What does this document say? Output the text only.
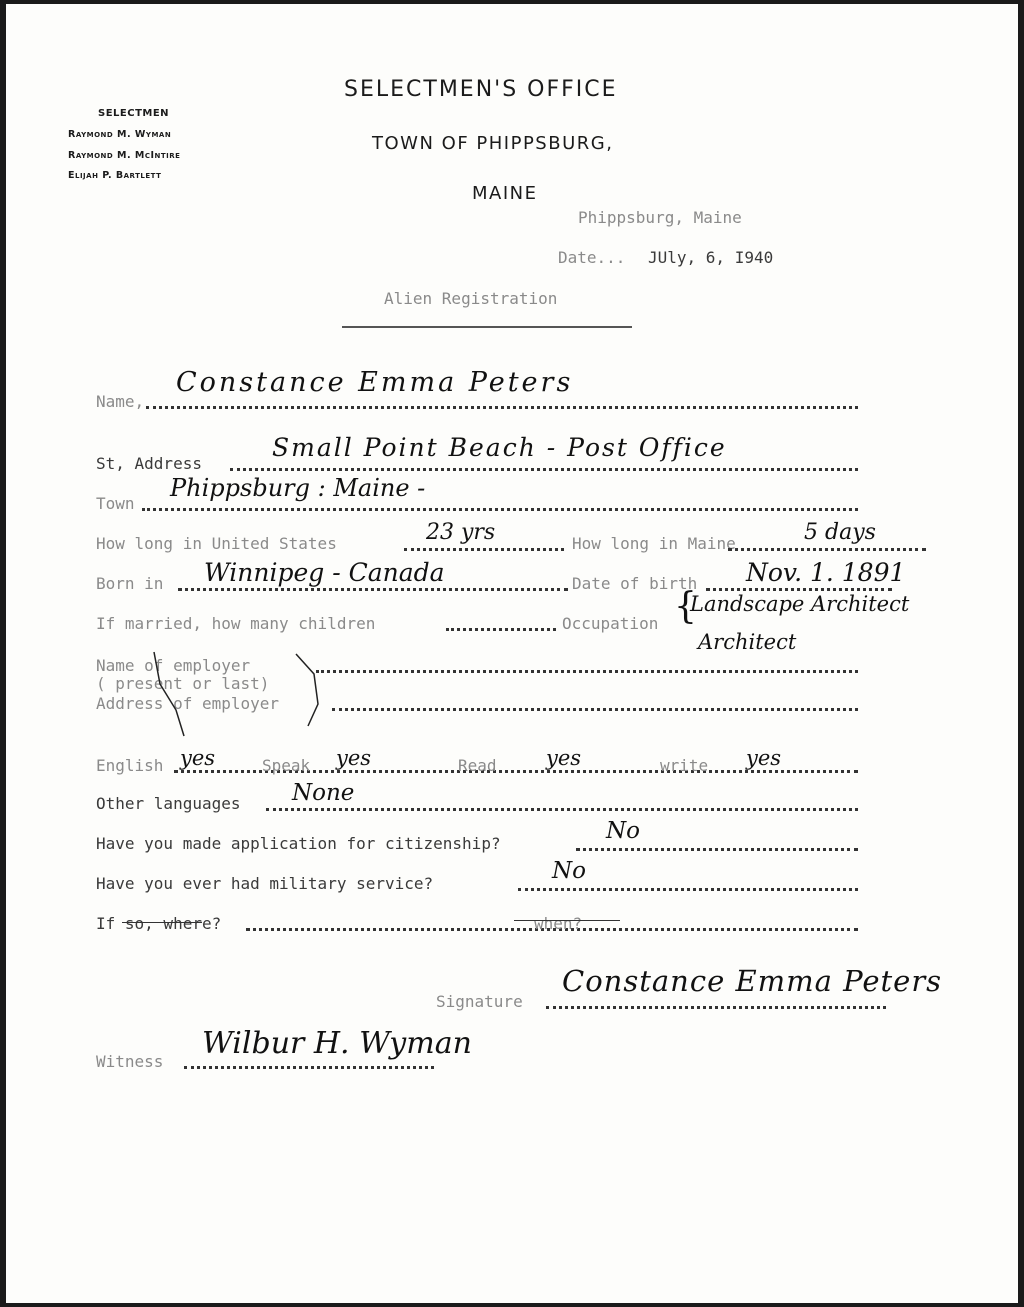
SELECTMEN
Raymond M. Wyman
Raymond M. McIntire
Elijah P. Bartlett
SELECTMEN'S OFFICE
TOWN OF PHIPPSBURG,
MAINE
Phippsburg, Maine
Date... JUly, 6, I940
Alien Registration
Name,
Constance Emma Peters
St, Address
Small Point Beach - Post Office
Town
Phippsburg : Maine -
How long in United States	23 yrs	How long in Maine	5 days
Born in Winnipeg - Canada	Date of birth Nov. 1. 1891
If married, how many children	Occupation {
Landscape Architect
Architect
Name of employer
( present or last)
Address of employer
English yes	Speak yes	Read yes	write yes
Other languages None
Have you made application for citizenship?	No
Have you ever had military service?	No
If so, where?	when?
Signature
Constance Emma Peters
Witness
Wilbur H. Wyman
